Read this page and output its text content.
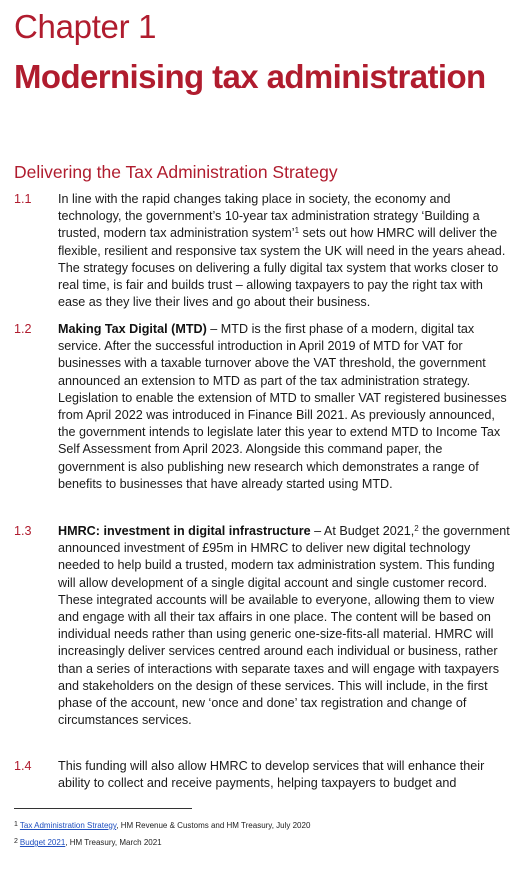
Chapter 1
Modernising tax administration
Delivering the Tax Administration Strategy
1.1	In line with the rapid changes taking place in society, the economy and technology, the government’s 10-year tax administration strategy ‘Building a trusted, modern tax administration system’$^1$ sets out how HMRC will deliver the flexible, resilient and responsive tax system the UK will need in the years ahead. The strategy focuses on delivering a fully digital tax system that works closer to real time, is fair and builds trust – allowing taxpayers to pay the right tax with ease as they live their lives and go about their business.
1.2	Making Tax Digital (MTD) – MTD is the first phase of a modern, digital tax service. After the successful introduction in April 2019 of MTD for VAT for businesses with a taxable turnover above the VAT threshold, the government announced an extension to MTD as part of the tax administration strategy. Legislation to enable the extension of MTD to smaller VAT registered businesses from April 2022 was introduced in Finance Bill 2021. As previously announced, the government intends to legislate later this year to extend MTD to Income Tax Self Assessment from April 2023. Alongside this command paper, the government is also publishing new research which demonstrates a range of benefits to businesses that have already started using MTD.
1.3	HMRC: investment in digital infrastructure – At Budget 2021,$^2$ the government announced investment of £95m in HMRC to deliver new digital technology needed to help build a trusted, modern tax administration system. This funding will allow development of a single digital account and single customer record. These integrated accounts will be available to everyone, allowing them to view and engage with all their tax affairs in one place. The content will be based on individual needs rather than using generic one-size-fits-all material. HMRC will increasingly deliver services centred around each individual or business, rather than a series of interactions with separate taxes and will engage with taxpayers and stakeholders on the design of these services. This will include, in the first phase of the account, new ‘once and done’ tax registration and change of circumstances services.
1.4	This funding will also allow HMRC to develop services that will enhance their ability to collect and receive payments, helping taxpayers to budget and
$^1$ Tax Administration Strategy, HM Revenue & Customs and HM Treasury, July 2020
$^2$ Budget 2021, HM Treasury, March 2021
